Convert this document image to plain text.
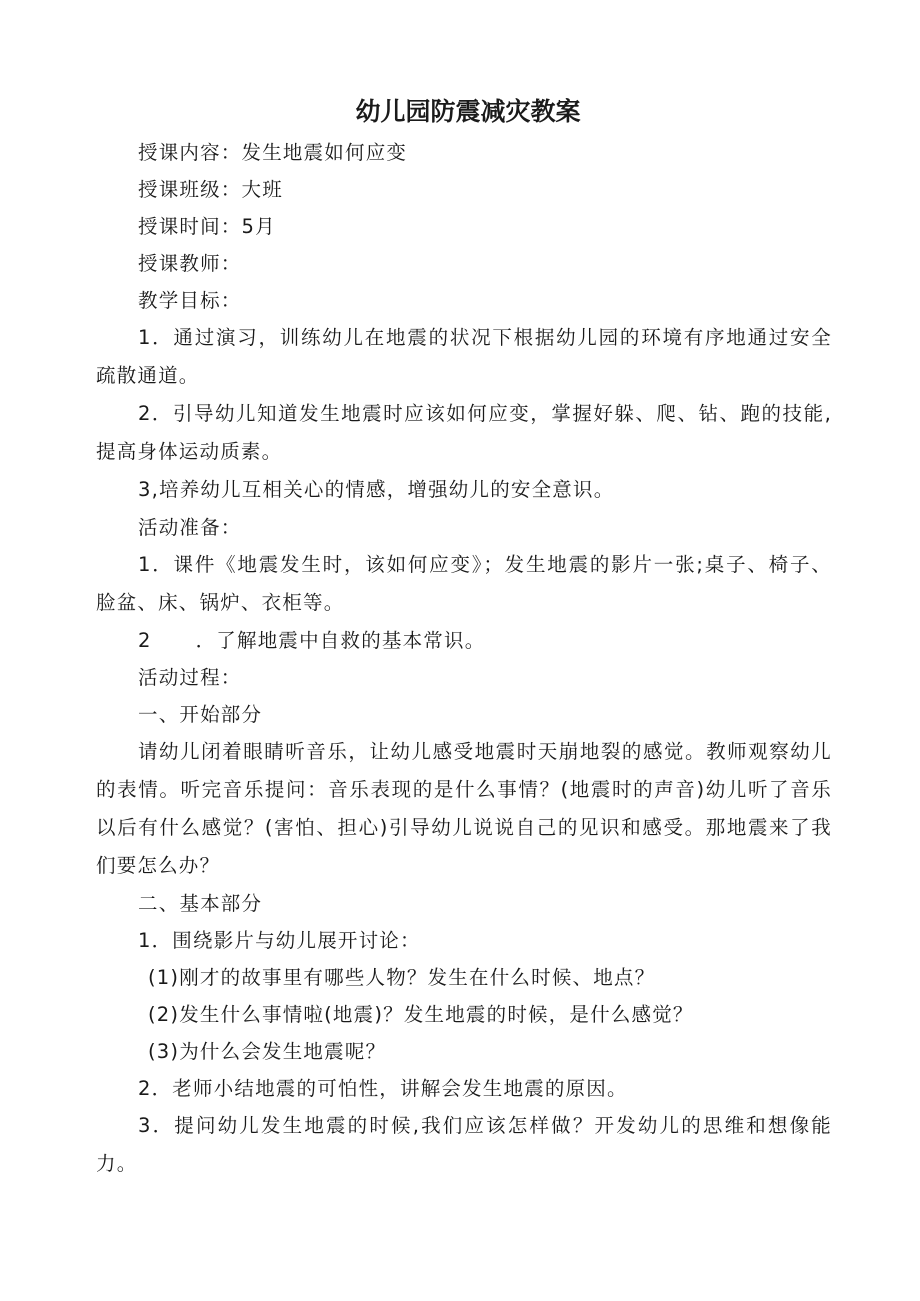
幼儿园防震减灾教案

授课内容：发生地震如何应变

授课班级：大班

授课时间：5月

授课教师：

教学目标：

1．通过演习，训练幼儿在地震的状况下根据幼儿园的环境有序地通过安全疏散通道。

2．引导幼儿知道发生地震时应该如何应变，掌握好躲、爬、钻、跑的技能,提高身体运动质素。

3,培养幼儿互相关心的情感，增强幼儿的安全意识。

活动准备：

1．课件《地震发生时，该如何应变》；发生地震的影片一张;桌子、椅子、脸盆、床、锅炉、衣柜等。

2 ．了解地震中自救的基本常识。

活动过程：

一、开始部分

请幼儿闭着眼睛听音乐，让幼儿感受地震时天崩地裂的感觉。教师观察幼儿的表情。听完音乐提问：音乐表现的是什么事情？(地震时的声音)幼儿听了音乐以后有什么感觉？(害怕、担心)引导幼儿说说自己的见识和感受。那地震来了我们要怎么办？

二、基本部分

1．围绕影片与幼儿展开讨论：

(1)刚才的故事里有哪些人物？发生在什么时候、地点？

(2)发生什么事情啦(地震)？发生地震的时候，是什么感觉？

(3)为什么会发生地震呢？

2．老师小结地震的可怕性，讲解会发生地震的原因。

3．提问幼儿发生地震的时候,我们应该怎样做？开发幼儿的思维和想像能力。
